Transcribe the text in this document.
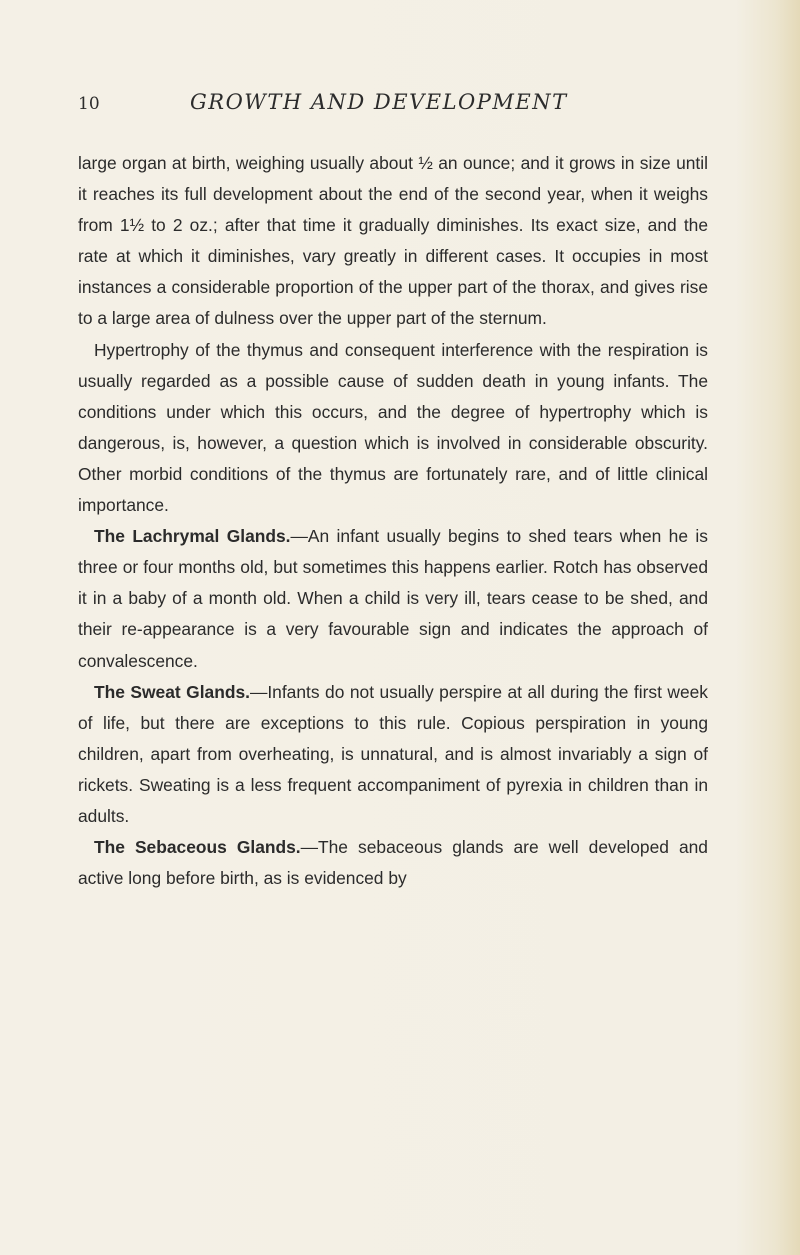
10	GROWTH AND DEVELOPMENT

large organ at birth, weighing usually about ½ an ounce; and it grows in size until it reaches its full development about the end of the second year, when it weighs from 1½ to 2 oz.; after that time it gradually diminishes. Its exact size, and the rate at which it diminishes, vary greatly in different cases. It occupies in most instances a considerable proportion of the upper part of the thorax, and gives rise to a large area of dulness over the upper part of the sternum.

Hypertrophy of the thymus and consequent interference with the respiration is usually regarded as a possible cause of sudden death in young infants. The conditions under which this occurs, and the degree of hypertrophy which is dangerous, is, however, a question which is involved in considerable obscurity. Other morbid conditions of the thymus are fortunately rare, and of little clinical importance.

The Lachrymal Glands.—An infant usually begins to shed tears when he is three or four months old, but sometimes this happens earlier. Rotch has observed it in a baby of a month old. When a child is very ill, tears cease to be shed, and their re-appearance is a very favourable sign and indicates the approach of convalescence.

The Sweat Glands.—Infants do not usually perspire at all during the first week of life, but there are exceptions to this rule. Copious perspiration in young children, apart from overheating, is unnatural, and is almost invariably a sign of rickets. Sweating is a less frequent accompaniment of pyrexia in children than in adults.

The Sebaceous Glands.—The sebaceous glands are well developed and active long before birth, as is evidenced by
